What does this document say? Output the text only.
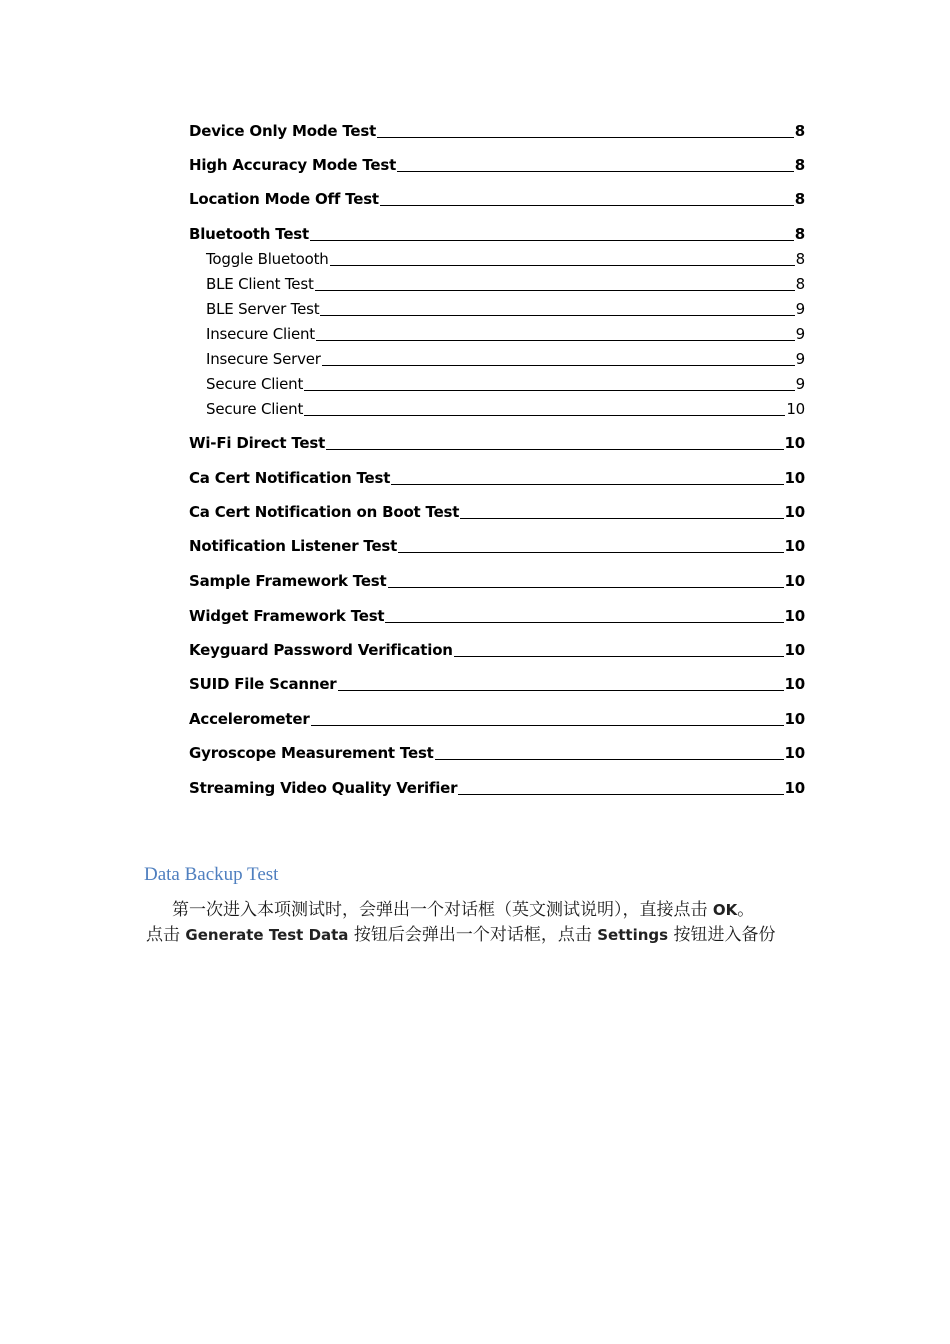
Device Only Mode Test	8
High Accuracy Mode Test	8
Location Mode Off Test	8
Bluetooth Test	8
Toggle Bluetooth	8
BLE Client Test	8
BLE Server Test	9
Insecure Client	9
Insecure Server	9
Secure Client	9
Secure Client	10
Wi-Fi Direct Test	10
Ca Cert Notification Test	10
Ca Cert Notification on Boot Test	10
Notification Listener Test	10
Sample Framework Test	10
Widget Framework Test	10
Keyguard Password Verification	10
SUID File Scanner	10
Accelerometer	10
Gyroscope Measurement Test	10
Streaming Video Quality Verifier	10
Data Backup Test
第一次进入本项测试时，会弹出一个对话框（英文测试说明），直接点击 OK。
点击 Generate Test Data 按钮后会弹出一个对话框，点击 Settings 按钮进入备份
